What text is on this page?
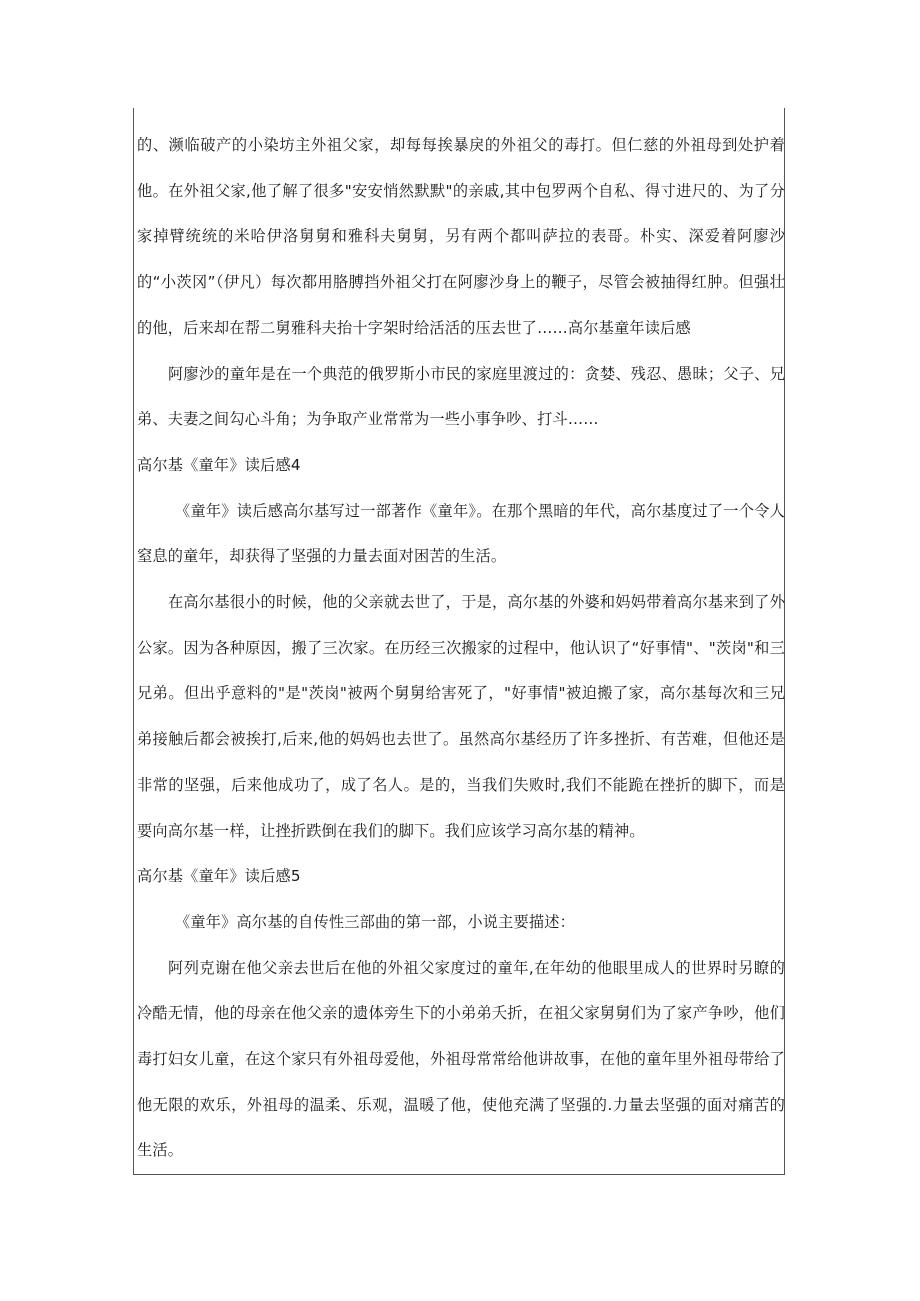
的、濒临破产的小染坊主外祖父家，却每每挨暴戾的外祖父的毒打。但仁慈的外祖母到处护着他。在外祖父家,他了解了很多"安安悄然默默"的亲戚,其中包罗两个自私、得寸进尺的、为了分家掉臂统统的米哈伊洛舅舅和雅科夫舅舅，另有两个都叫萨拉的表哥。朴实、深爱着阿廖沙的“小茨冈”（伊凡）每次都用胳膊挡外祖父打在阿廖沙身上的鞭子，尽管会被抽得红肿。但强壮的他，后来却在帮二舅雅科夫抬十字架时给活活的压去世了……高尔基童年读后感

阿廖沙的童年是在一个典范的俄罗斯小市民的家庭里渡过的：贪婪、残忍、愚昧；父子、兄弟、夫妻之间勾心斗角；为争取产业常常为一些小事争吵、打斗……

高尔基《童年》读后感4

《童年》读后感高尔基写过一部著作《童年》。在那个黑暗的年代，高尔基度过了一个令人窒息的童年，却获得了坚强的力量去面对困苦的生活。

在高尔基很小的时候，他的父亲就去世了，于是，高尔基的外婆和妈妈带着高尔基来到了外公家。因为各种原因，搬了三次家。在历经三次搬家的过程中，他认识了“好事情"、"茨岗"和三兄弟。但出乎意料的"是"茨岗"被两个舅舅给害死了，"好事情"被迫搬了家，高尔基每次和三兄弟接触后都会被挨打,后来,他的妈妈也去世了。虽然高尔基经历了许多挫折、有苦难，但他还是非常的坚强，后来他成功了，成了名人。是的，当我们失败时,我们不能跪在挫折的脚下，而是要向高尔基一样，让挫折跌倒在我们的脚下。我们应该学习高尔基的精神。

高尔基《童年》读后感5

《童年》高尔基的自传性三部曲的第一部，小说主要描述：

阿列克谢在他父亲去世后在他的外祖父家度过的童年,在年幼的他眼里成人的世界时另瞭的冷酷无情，他的母亲在他父亲的遗体旁生下的小弟弟夭折，在祖父家舅舅们为了家产争吵，他们毒打妇女儿童，在这个家只有外祖母爱他，外祖母常常给他讲故事，在他的童年里外祖母带给了他无限的欢乐，外祖母的温柔、乐观，温暖了他，使他充满了坚强的.力量去坚强的面对痛苦的生活。
